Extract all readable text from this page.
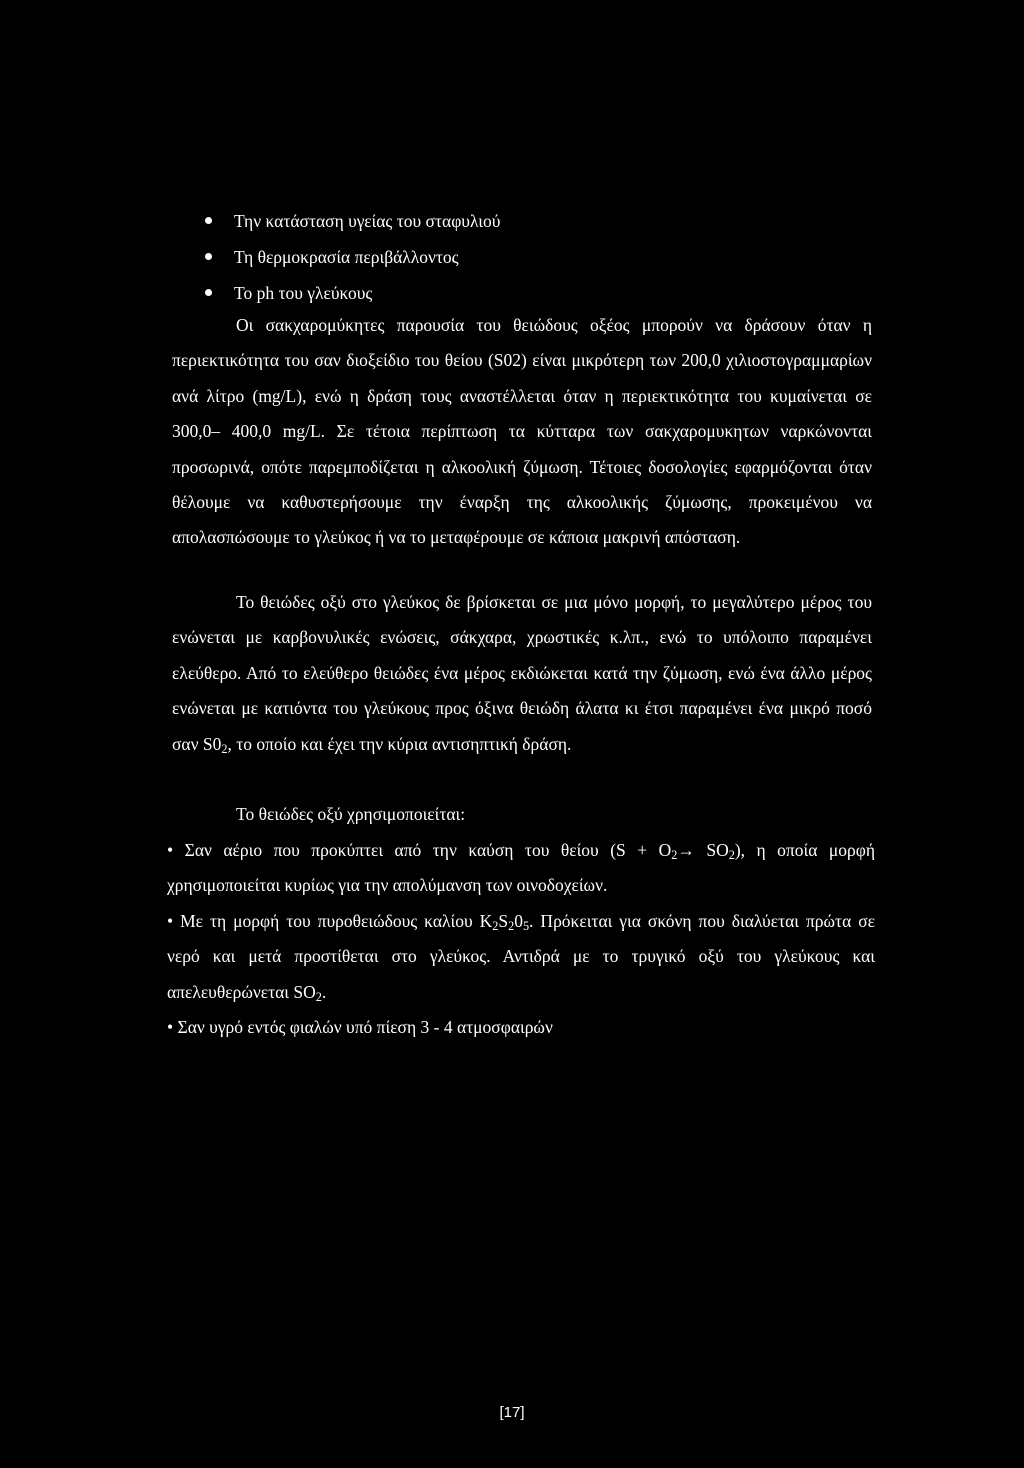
Την κατάσταση υγείας του σταφυλιού
Τη θερμοκρασία περιβάλλοντος
Το ph του γλεύκους

Οι σακχαρομύκητες παρουσία του θειώδους οξέος μπορούν να δράσουν όταν η περιεκτικότητα του σαν διοξείδιο του θείου (S02) είναι μικρότερη των 200,0 χιλιοστογραμμαρίων ανά λίτρο (mg/L), ενώ η δράση τους αναστέλλεται όταν η περιεκτικότητα του κυμαίνεται σε 300,0– 400,0 mg/L. Σε τέτοια περίπτωση τα κύτταρα των σακχαρομυκητων ναρκώνονται προσωρινά, οπότε παρεμποδίζεται η αλκοολική ζύμωση. Τέτοιες δοσολογίες εφαρμόζονται όταν θέλουμε να καθυστερήσουμε την έναρξη της αλκοολικής ζύμωσης, προκειμένου να απολασπώσουμε το γλεύκος ή να το μεταφέρουμε σε κάποια μακρινή απόσταση.

Το θειώδες οξύ στο γλεύκος δε βρίσκεται σε μια μόνο μορφή, το μεγαλύτερο μέρος του ενώνεται με καρβονυλικές ενώσεις, σάκχαρα, χρωστικές κ.λπ., ενώ το υπόλοιπο παραμένει ελεύθερο. Από το ελεύθερο θειώδες ένα μέρος εκδιώκεται κατά την ζύμωση, ενώ ένα άλλο μέρος ενώνεται με κατιόντα του γλεύκους προς όξινα θειώδη άλατα κι έτσι παραμένει ένα μικρό ποσό σαν $S0_2$, το οποίο και έχει την κύρια αντισηπτική δράση.

Το θειώδες οξύ χρησιμοποιείται:

• Σαν αέριο που προκύπτει από την καύση του θείου $(S + O_2\to SO_2)$, η οποία μορφή χρησιμοποιείται κυρίως για την απολύμανση των οινοδοχείων.

• Με τη μορφή του πυροθειώδους καλίου $K_2S_20_5$. Πρόκειται για σκόνη που διαλύεται πρώτα σε νερό και μετά προστίθεται στο γλεύκος. Αντιδρά με το τρυγικό οξύ του γλεύκους και απελευθερώνεται $SO_2$.

• Σαν υγρό εντός φιαλών υπό πίεση 3 - 4 ατμοσφαιρών

[17]
